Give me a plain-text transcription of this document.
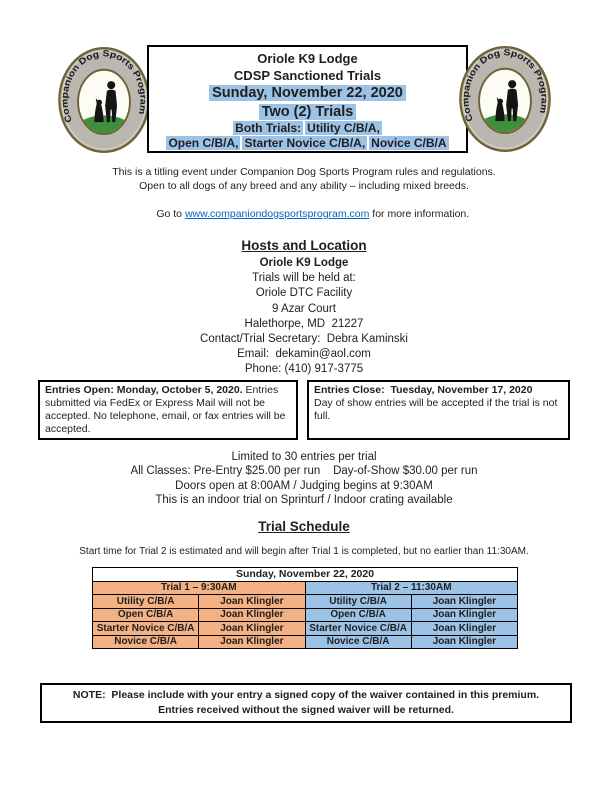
Companion Dog Sports Program
Oriole K9 Lodge
CDSP Sanctioned Trials
Sunday, November 22, 2020
Two (2) Trials
Both Trials: Utility C/B/A,
Open C/B/A, Starter Novice C/B/A, Novice C/B/A
Companion Dog Sports Program
This is a titling event under Companion Dog Sports Program rules and regulations.
Open to all dogs of any breed and any ability – including mixed breeds.

Go to www.companiondogsportsprogram.com for more information.

Hosts and Location
Oriole K9 Lodge
Trials will be held at:
Oriole DTC Facility
9 Azar Court
Halethorpe, MD  21227
Contact/Trial Secretary:  Debra Kaminski
Email:  dekamin@aol.com
Phone: (410) 917-3775
Entries Open: Monday, October 5, 2020. Entries submitted via FedEx or Express Mail will not be accepted. No telephone, email, or fax entries will be accepted.
Entries Close:  Tuesday, November 17, 2020
Day of show entries will be accepted if the trial is not full.
Limited to 30 entries per trial
All Classes: Pre-Entry $25.00 per run    Day-of-Show $30.00 per run
Doors open at 8:00AM / Judging begins at 9:30AM
This is an indoor trial on Sprinturf / Indoor crating available
Trial Schedule
Start time for Trial 2 is estimated and will begin after Trial 1 is completed, but no earlier than 11:30AM.
Sunday, November 22, 2020			
Trial 1 – 9:30AM		Trial 2 – 11:30AM	
Utility C/B/A	Joan Klingler	Utility C/B/A	Joan Klingler
Open C/B/A	Joan Klingler	Open C/B/A	Joan Klingler
Starter Novice C/B/A	Joan Klingler	Starter Novice C/B/A	Joan Klingler
Novice C/B/A	Joan Klingler	Novice C/B/A	Joan Klingler
NOTE:  Please include with your entry a signed copy of the waiver contained in this premium.
Entries received without the signed waiver will be returned.
